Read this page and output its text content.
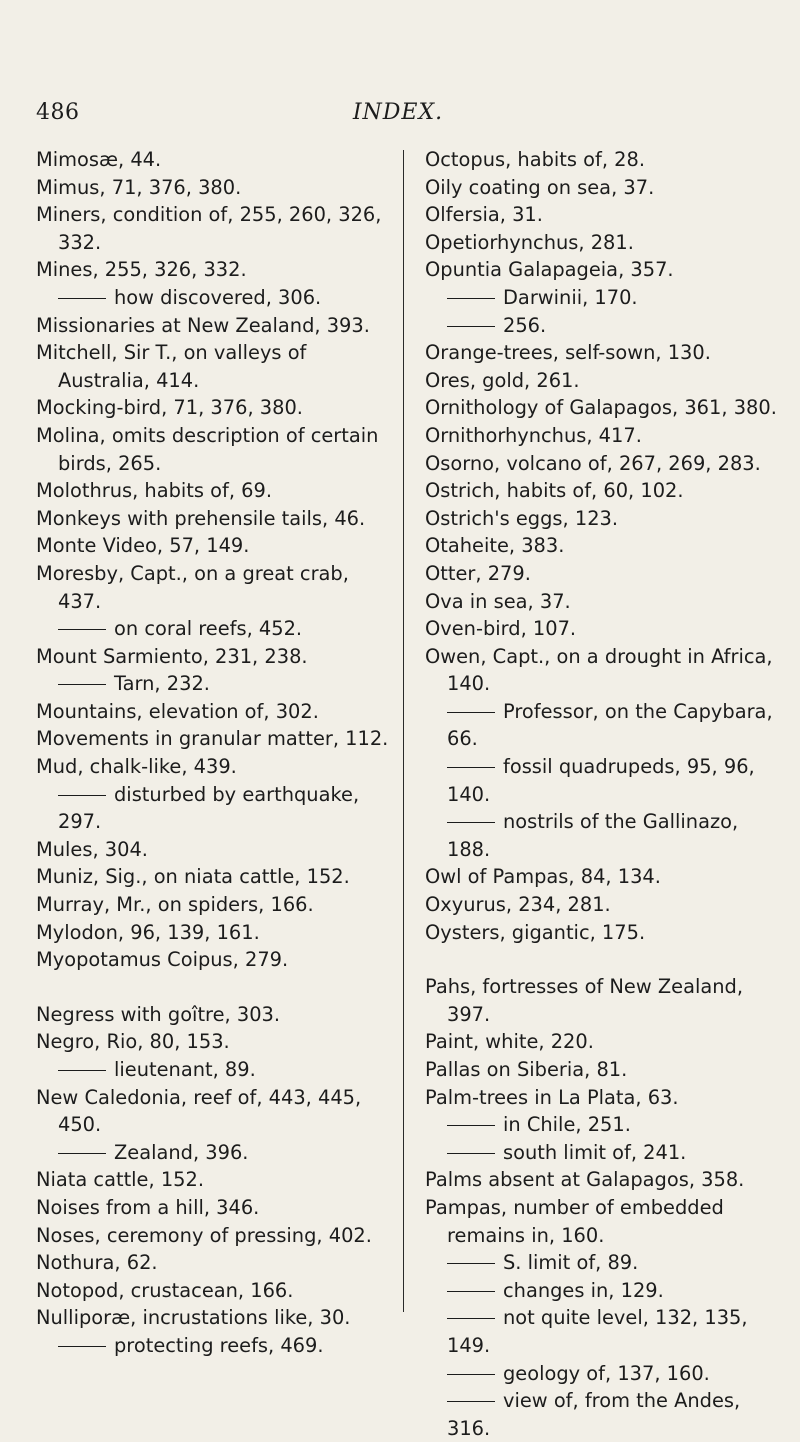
486	INDEX.
Mimosæ, 44.
Mimus, 71, 376, 380.
Miners, condition of, 255, 260, 326, 332.
Mines, 255, 326, 332.
how discovered, 306.
Missionaries at New Zealand, 393.
Mitchell, Sir T., on valleys of Australia, 414.
Mocking-bird, 71, 376, 380.
Molina, omits description of certain birds, 265.
Molothrus, habits of, 69.
Monkeys with prehensile tails, 46.
Monte Video, 57, 149.
Moresby, Capt., on a great crab, 437.
on coral reefs, 452.
Mount Sarmiento, 231, 238.
Tarn, 232.
Mountains, elevation of, 302.
Movements in granular matter, 112.
Mud, chalk-like, 439.
disturbed by earthquake, 297.
Mules, 304.
Muniz, Sig., on niata cattle, 152.
Murray, Mr., on spiders, 166.
Mylodon, 96, 139, 161.
Myopotamus Coipus, 279.
Negress with goître, 303.
Negro, Rio, 80, 153.
lieutenant, 89.
New Caledonia, reef of, 443, 445, 450.
Zealand, 396.
Niata cattle, 152.
Noises from a hill, 346.
Noses, ceremony of pressing, 402.
Nothura, 62.
Notopod, crustacean, 166.
Nulliporæ, incrustations like, 30.
protecting reefs, 469.
Octopus, habits of, 28.
Oily coating on sea, 37.
Olfersia, 31.
Opetiorhynchus, 281.
Opuntia Galapageia, 357.
Darwinii, 170.
256.
Orange-trees, self-sown, 130.
Ores, gold, 261.
Ornithology of Galapagos, 361, 380.
Ornithorhynchus, 417.
Osorno, volcano of, 267, 269, 283.
Ostrich, habits of, 60, 102.
Ostrich's eggs, 123.
Otaheite, 383.
Otter, 279.
Ova in sea, 37.
Oven-bird, 107.
Owen, Capt., on a drought in Africa, 140.
Professor, on the Capybara, 66.
fossil quadrupeds, 95, 96, 140.
nostrils of the Gallinazo, 188.
Owl of Pampas, 84, 134.
Oxyurus, 234, 281.
Oysters, gigantic, 175.
Pahs, fortresses of New Zealand, 397.
Paint, white, 220.
Pallas on Siberia, 81.
Palm-trees in La Plata, 63.
in Chile, 251.
south limit of, 241.
Palms absent at Galapagos, 358.
Pampas, number of embedded remains in, 160.
S. limit of, 89.
changes in, 129.
not quite level, 132, 135, 149.
geology of, 137, 160.
view of, from the Andes, 316.
